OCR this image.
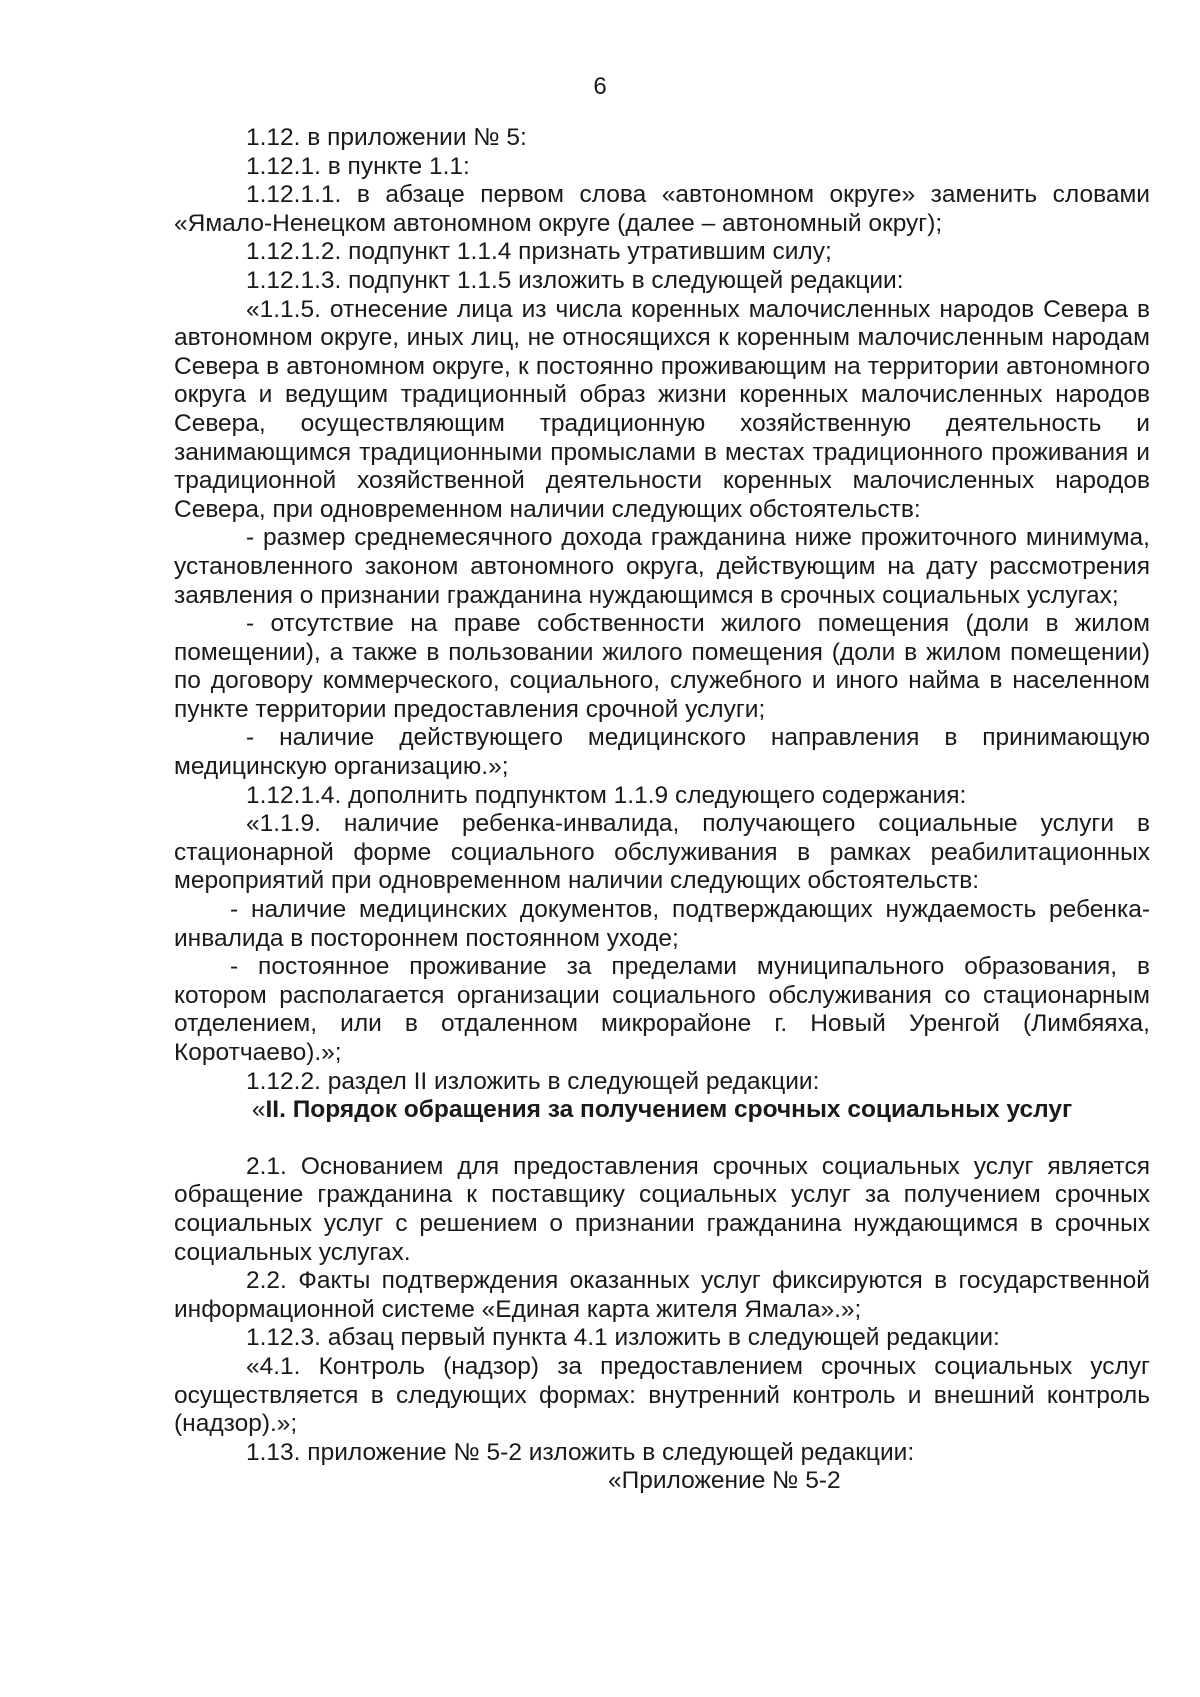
6

1.12. в приложении № 5:

1.12.1. в пункте 1.1:

1.12.1.1. в абзаце первом слова «автономном округе» заменить словами «Ямало-Ненецком автономном округе (далее – автономный округ);

1.12.1.2. подпункт 1.1.4 признать утратившим силу;

1.12.1.3. подпункт 1.1.5 изложить в следующей редакции:

«1.1.5. отнесение лица из числа коренных малочисленных народов Севера в автономном округе, иных лиц, не относящихся к коренным малочисленным народам Севера в автономном округе, к постоянно проживающим на территории автономного округа и ведущим традиционный образ жизни коренных малочисленных народов Севера, осуществляющим традиционную хозяйственную деятельность и занимающимся традиционными промыслами в местах традиционного проживания и традиционной хозяйственной деятельности коренных малочисленных народов Севера, при одновременном наличии следующих обстоятельств:

- размер среднемесячного дохода гражданина ниже прожиточного минимума, установленного законом автономного округа, действующим на дату рассмотрения заявления о признании гражданина нуждающимся в срочных социальных услугах;

- отсутствие на праве собственности жилого помещения (доли в жилом помещении), а также в пользовании жилого помещения (доли в жилом помещении) по договору коммерческого, социального, служебного и иного найма в населенном пункте территории предоставления срочной услуги;

- наличие действующего медицинского направления в принимающую медицинскую организацию.»;

1.12.1.4. дополнить подпунктом 1.1.9 следующего содержания:

«1.1.9. наличие ребенка-инвалида, получающего социальные услуги в стационарной форме социального обслуживания в рамках реабилитационных мероприятий при одновременном наличии следующих обстоятельств:

- наличие медицинских документов, подтверждающих нуждаемость ребенка-инвалида в постороннем постоянном уходе;

- постоянное проживание за пределами муниципального образования, в котором располагается организации социального обслуживания со стационарным отделением, или в отдаленном микрорайоне г. Новый Уренгой (Лимбяяха, Коротчаево).»;

1.12.2. раздел II изложить в следующей редакции:

«II. Порядок обращения за получением срочных социальных услуг

2.1. Основанием для предоставления срочных социальных услуг является обращение гражданина к поставщику социальных услуг за получением срочных социальных услуг с решением о признании гражданина нуждающимся в срочных социальных услугах.

2.2. Факты подтверждения оказанных услуг фиксируются в государственной информационной системе «Единая карта жителя Ямала».»;

1.12.3. абзац первый пункта 4.1 изложить в следующей редакции:

«4.1. Контроль (надзор) за предоставлением срочных социальных услуг осуществляется в следующих формах: внутренний контроль и внешний контроль (надзор).»;

1.13. приложение № 5-2 изложить в следующей редакции:

«Приложение № 5-2
